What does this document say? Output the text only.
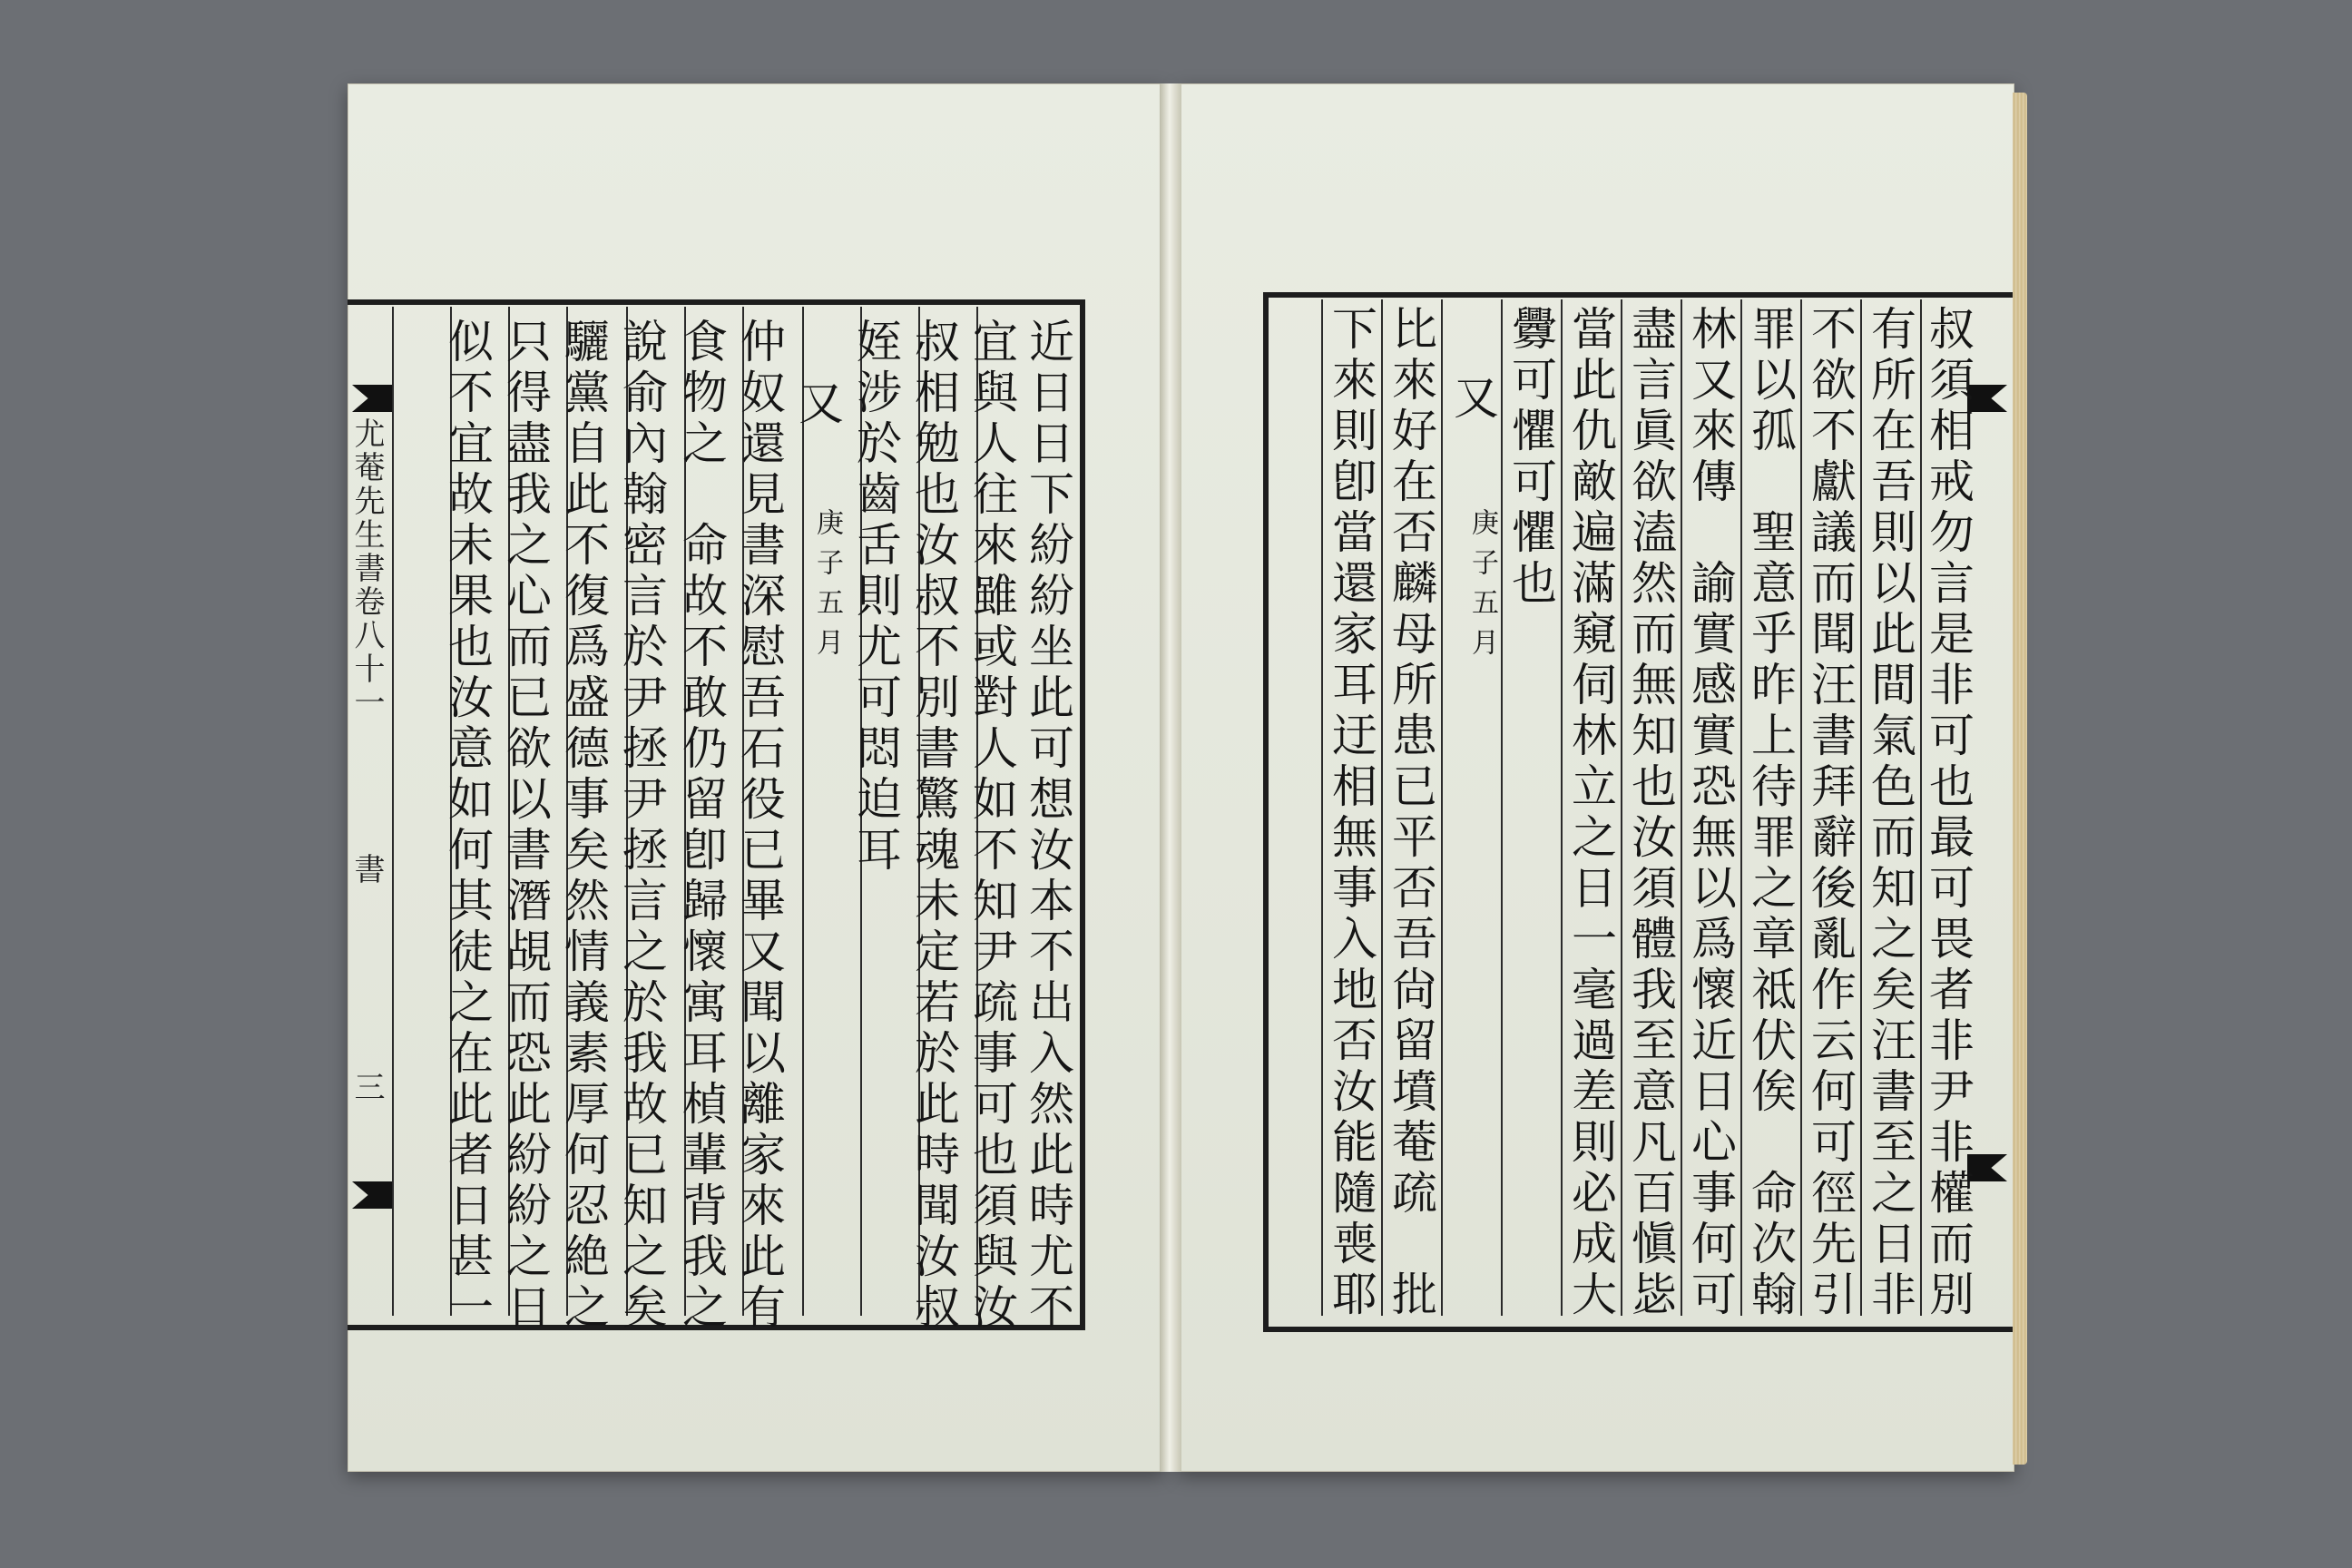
尤菴先生書卷八十一
書
三	近日日下紛紛坐此可想汝本不出入然此時尤不
宜與人往來雖或對人如不知尹疏事可也須與汝
叔相勉也汝叔不別書驚魂未定若於此時聞汝叔
姪涉於齒舌則尤可悶迫耳
又
庚子五月
仲奴還見書深慰吾石役已畢又聞以離家來此有
食物之　命故不敢仍留卽歸懷寓耳楨輩背我之
說俞內翰密言於尹拯尹拯言之於我故已知之矣
驪黨自此不復爲盛德事矣然情義素厚何忍絶之
只得盡我之心而已欲以書潛覘而恐此紛紛之日
似不宜故未果也汝意如何其徒之在此者日甚一	叔須相戒勿言是非可也最可畏者非尹非權而別
有所在吾則以此間氣色而知之矣汪書至之日非
不欲不獻議而聞汪書拜辭後亂作云何可徑先引
罪以孤　聖意乎昨上待罪之章祗伏俟　命次翰
林又來傳　諭實感實恐無以爲懷近日心事何可
盡言眞欲溘然而無知也汝須體我至意凡百愼毖
當此仇敵遍滿窺伺林立之日一毫過差則必成大
釁可懼可懼也
又
庚子五月
比來好在否麟母所患已平否吾尙留墳菴疏　批
下來則卽當還家耳迂相無事入地否汝能隨喪耶
